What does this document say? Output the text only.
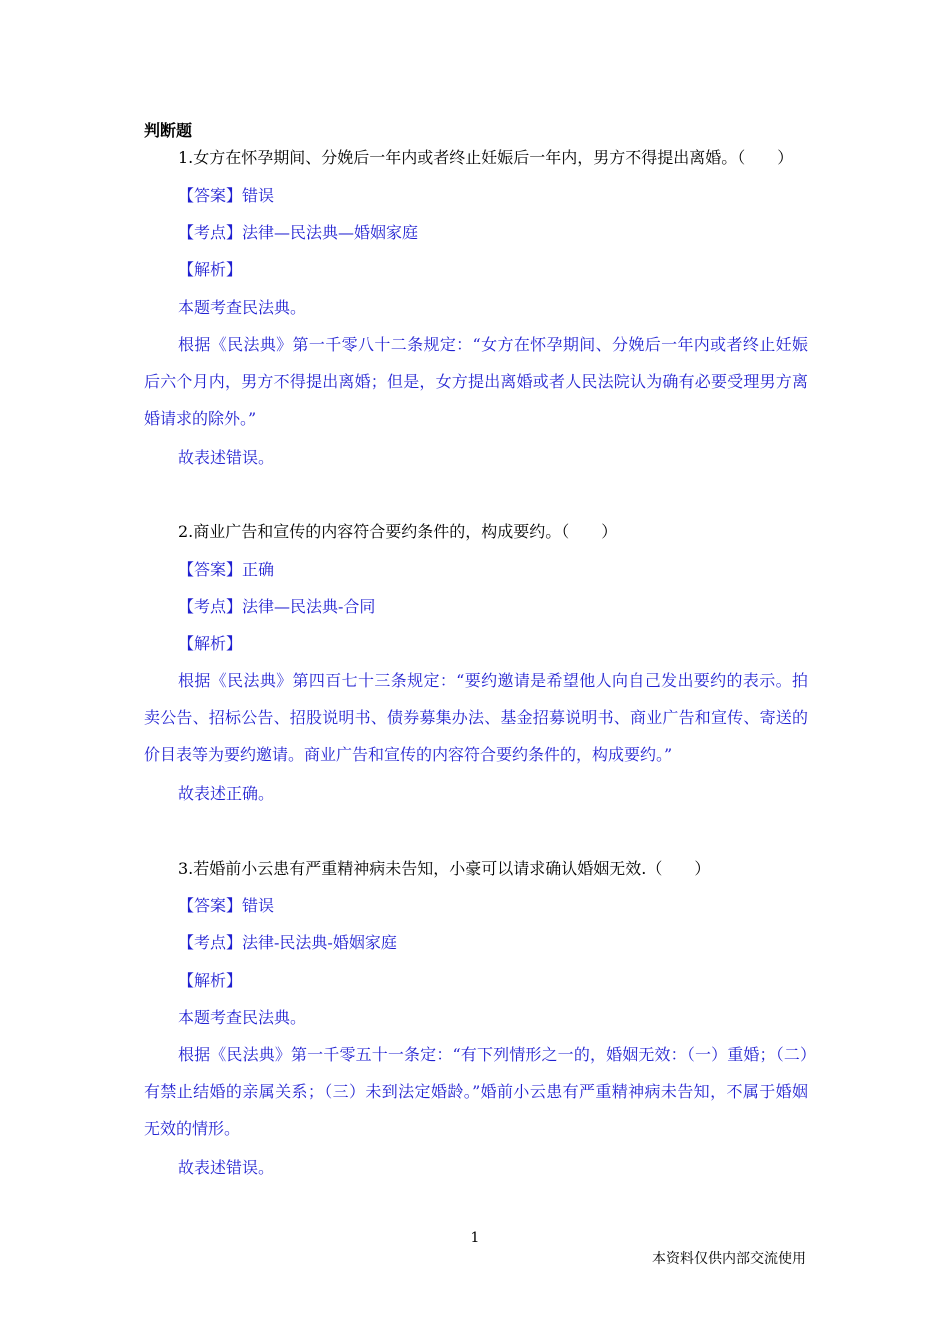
判断题
1.女方在怀孕期间、分娩后一年内或者终止妊娠后一年内，男方不得提出离婚。（　　）
【答案】错误
【考点】法律—民法典—婚姻家庭
【解析】
本题考查民法典。
根据《民法典》第一千零八十二条规定：“女方在怀孕期间、分娩后一年内或者终止妊娠后六个月内，男方不得提出离婚；但是，女方提出离婚或者人民法院认为确有必要受理男方离婚请求的除外。”
故表述错误。
2.商业广告和宣传的内容符合要约条件的，构成要约。（　　）
【答案】正确
【考点】法律—民法典-合同
【解析】
根据《民法典》第四百七十三条规定：“要约邀请是希望他人向自己发出要约的表示。拍卖公告、招标公告、招股说明书、债券募集办法、基金招募说明书、商业广告和宣传、寄送的价目表等为要约邀请。商业广告和宣传的内容符合要约条件的，构成要约。”
故表述正确。
3.若婚前小云患有严重精神病未告知，小豪可以请求确认婚姻无效.（　　）
【答案】错误
【考点】法律-民法典-婚姻家庭
【解析】
本题考查民法典。
根据《民法典》第一千零五十一条定：“有下列情形之一的，婚姻无效：（一）重婚；（二）有禁止结婚的亲属关系；（三）未到法定婚龄。”婚前小云患有严重精神病未告知，不属于婚姻无效的情形。
故表述错误。
1
本资料仅供内部交流使用
